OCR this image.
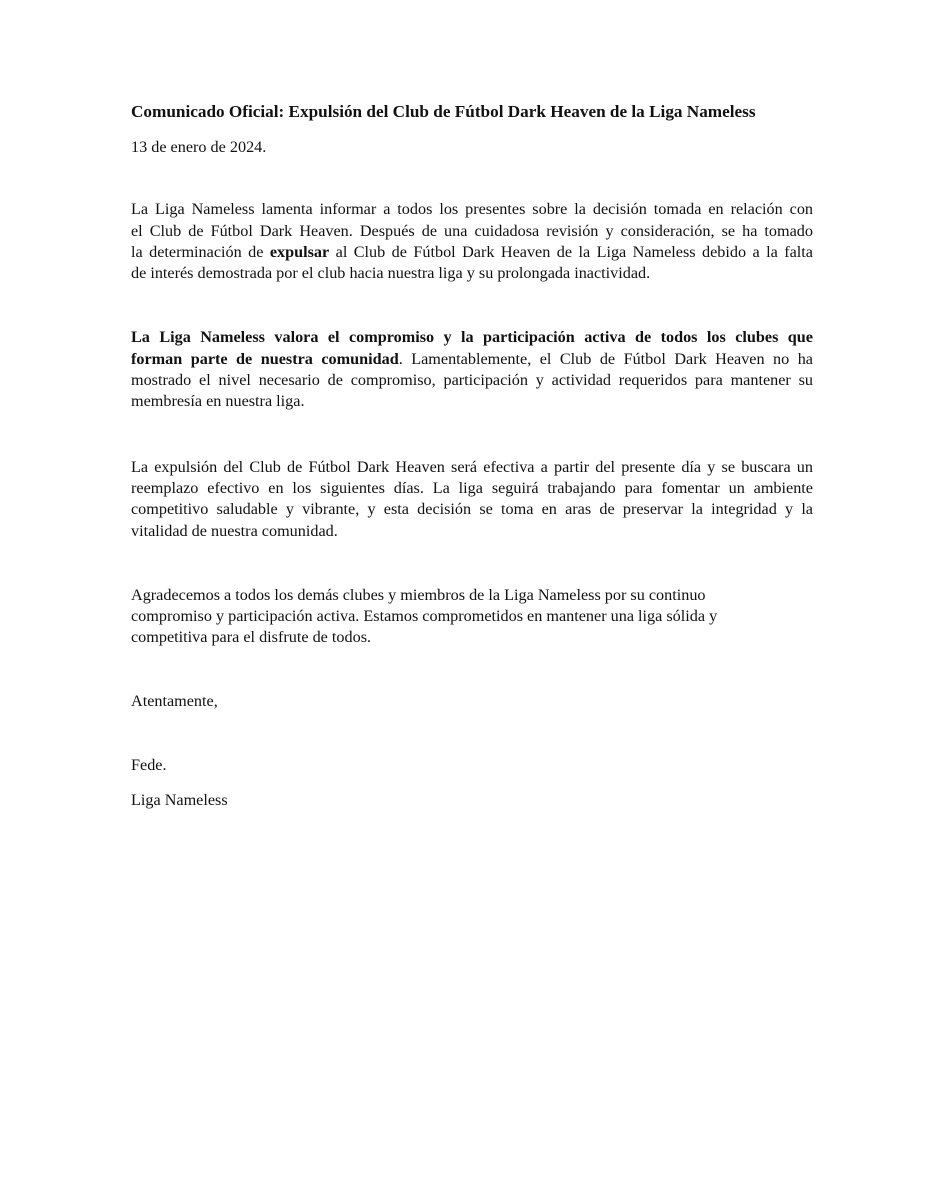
Comunicado Oficial: Expulsión del Club de Fútbol Dark Heaven de la Liga Nameless

13 de enero de 2024.

La Liga Nameless lamenta informar a todos los presentes sobre la decisión tomada en relación con
el Club de Fútbol Dark Heaven. Después de una cuidadosa revisión y consideración, se ha tomado
la determinación de expulsar al Club de Fútbol Dark Heaven de la Liga Nameless debido a la falta
de interés demostrada por el club hacia nuestra liga y su prolongada inactividad.
La Liga Nameless valora el compromiso y la participación activa de todos los clubes que
forman parte de nuestra comunidad. Lamentablemente, el Club de Fútbol Dark Heaven no ha
mostrado el nivel necesario de compromiso, participación y actividad requeridos para mantener su
membresía en nuestra liga.
La expulsión del Club de Fútbol Dark Heaven será efectiva a partir del presente día y se buscara un
reemplazo efectivo en los siguientes días. La liga seguirá trabajando para fomentar un ambiente
competitivo saludable y vibrante, y esta decisión se toma en aras de preservar la integridad y la
vitalidad de nuestra comunidad.
Agradecemos a todos los demás clubes y miembros de la Liga Nameless por su continuo
compromiso y participación activa. Estamos comprometidos en mantener una liga sólida y
competitiva para el disfrute de todos.

Atentamente,

Fede.

Liga Nameless
